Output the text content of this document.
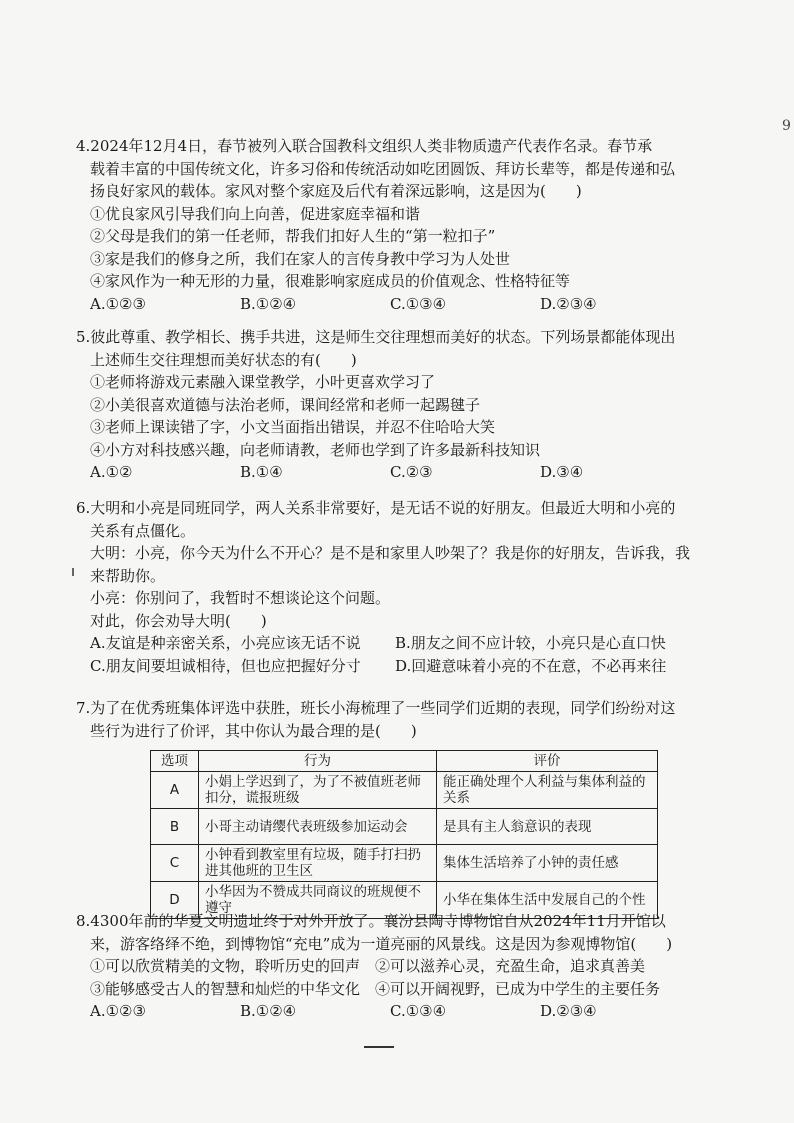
9

4.2024年12月4日，春节被列入联合国教科文组织人类非物质遗产代表作名录。春节承

载着丰富的中国传统文化，许多习俗和传统活动如吃团圆饭、拜访长辈等，都是传递和弘

扬良好家风的载体。家风对整个家庭及后代有着深远影响，这是因为(　　)

①优良家风引导我们向上向善，促进家庭幸福和谐

②父母是我们的第一任老师，帮我们扣好人生的“第一粒扣子”

③家是我们的修身之所，我们在家人的言传身教中学习为人处世

④家风作为一种无形的力量，很难影响家庭成员的价值观念、性格特征等

A.①②③	B.①②④	C.①③④	D.②③④

5.彼此尊重、教学相长、携手共进，这是师生交往理想而美好的状态。下列场景都能体现出

上述师生交往理想而美好状态的有(　　)

①老师将游戏元素融入课堂教学，小叶更喜欢学习了

②小美很喜欢道德与法治老师，课间经常和老师一起踢毽子

③老师上课读错了字，小文当面指出错误，并忍不住哈哈大笑

④小方对科技感兴趣，向老师请教，老师也学到了许多最新科技知识

A.①②	B.①④	C.②③	D.③④

6.大明和小亮是同班同学，两人关系非常要好，是无话不说的好朋友。但最近大明和小亮的

关系有点僵化。

大明：小亮，你今天为什么不开心？是不是和家里人吵架了？我是你的好朋友，告诉我，我

来帮助你。

小亮：你别问了，我暂时不想谈论这个问题。

对此，你会劝导大明(　　)

A.友谊是种亲密关系，小亮应该无话不说	B.朋友之间不应计较，小亮只是心直口快
C.朋友间要坦诚相待，但也应把握好分寸	D.回避意味着小亮的不在意，不必再来往

7.为了在优秀班集体评选中获胜，班长小海梳理了一些同学们近期的表现，同学们纷纷对这

些行为进行了价评，其中你认为最合理的是(　　)

选项	行为	评价
A	小娟上学迟到了，为了不被值班老师扣分，谎报班级	能正确处理个人利益与集体利益的关系
B	小哥主动请缨代表班级参加运动会	是具有主人翁意识的表现
C	小钟看到教室里有垃圾，随手打扫扔进其他班的卫生区	集体生活培养了小钟的责任感
D	小华因为不赞成共同商议的班规便不遵守	小华在集体生活中发展自己的个性

8.4300年前的华夏文明遗址终于对外开放了。襄汾县陶寺博物馆自从2024年11月开馆以

来，游客络绎不绝，到博物馆“充电”成为一道亮丽的风景线。这是因为参观博物馆(　　)

①可以欣赏精美的文物，聆听历史的回声　②可以滋养心灵，充盈生命，追求真善美

③能够感受古人的智慧和灿烂的中华文化　④可以开阔视野，已成为中学生的主要任务

A.①②③	B.①②④	C.①③④	D.②③④
